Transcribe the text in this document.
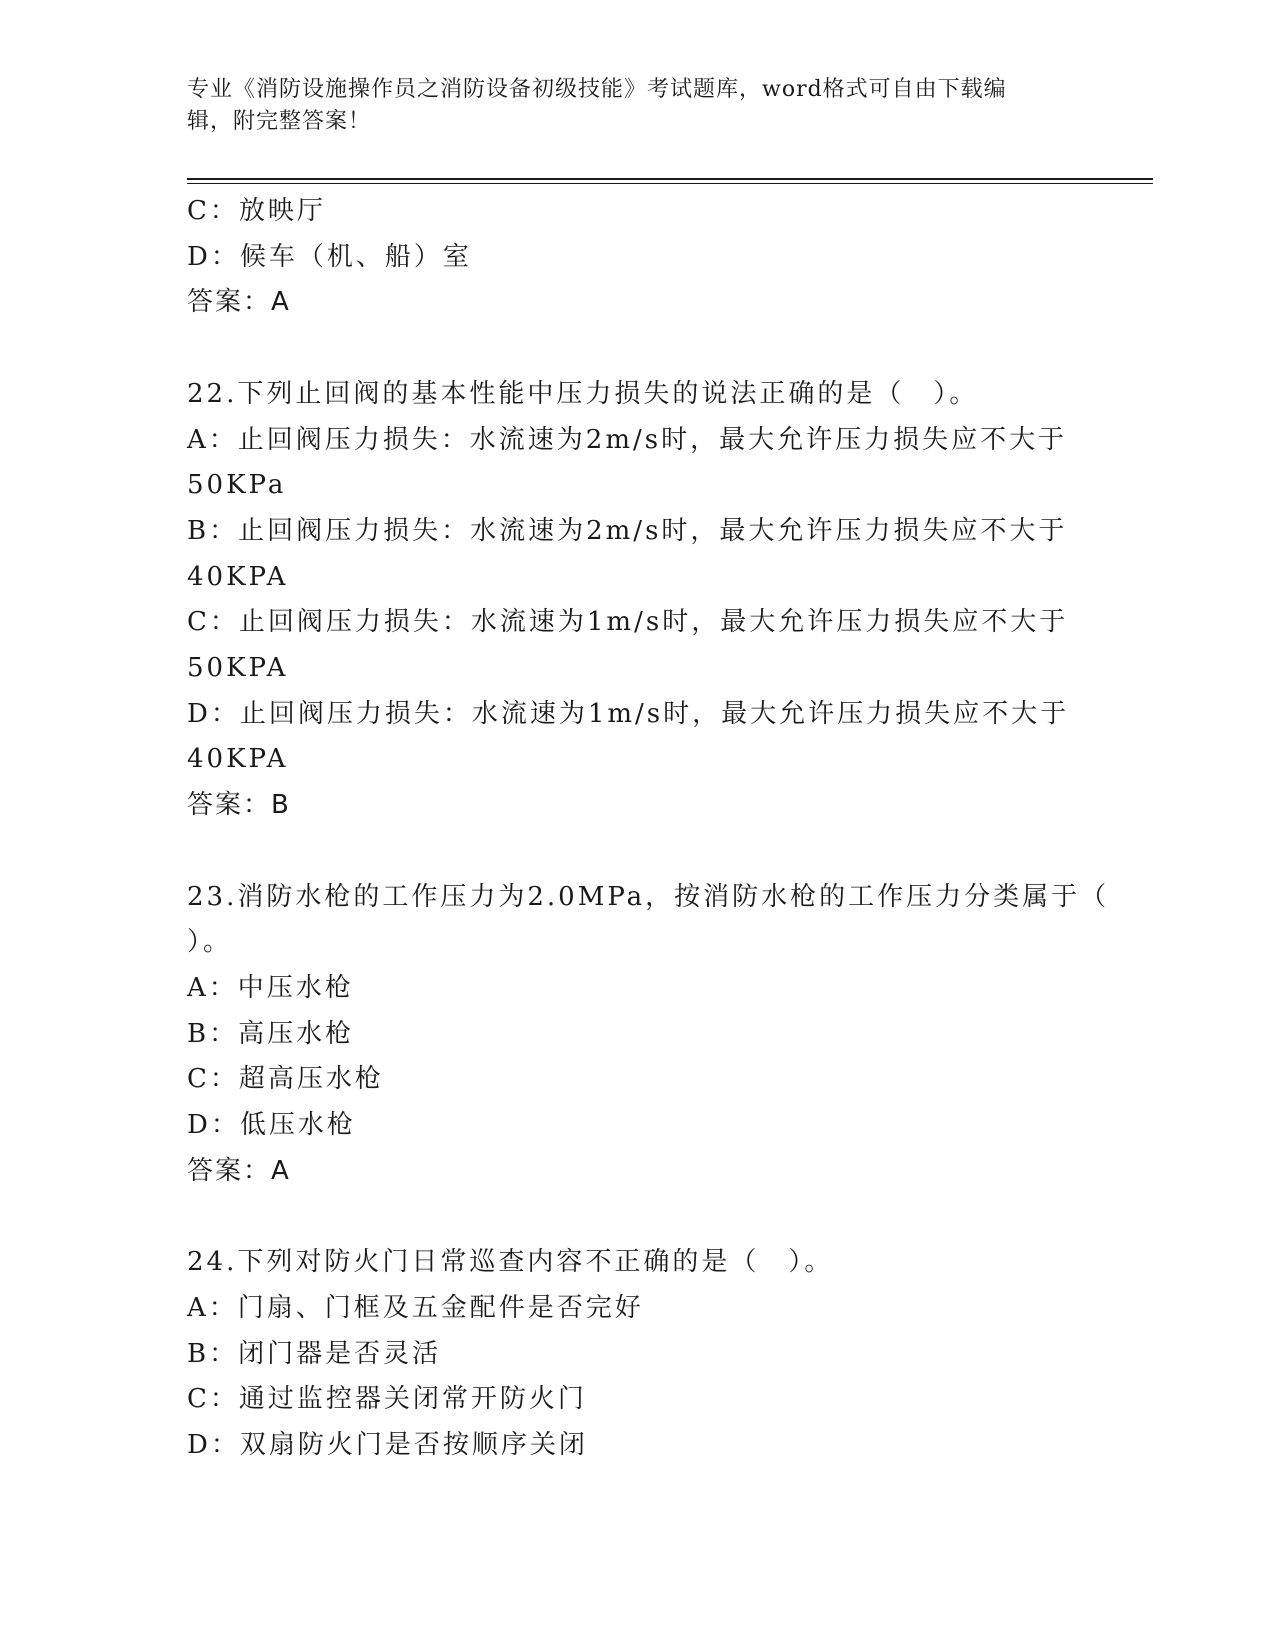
专业《消防设施操作员之消防设备初级技能》考试题库，word格式可自由下载编
辑，附完整答案！
C：放映厅
D：候车（机、船）室
答案：A
22.下列止回阀的基本性能中压力损失的说法正确的是（　）。
A：止回阀压力损失：水流速为2m/s时，最大允许压力损失应不大于
50KPa
B：止回阀压力损失：水流速为2m/s时，最大允许压力损失应不大于
40KPA
C：止回阀压力损失：水流速为1m/s时，最大允许压力损失应不大于
50KPA
D：止回阀压力损失：水流速为1m/s时，最大允许压力损失应不大于
40KPA
答案：B
23.消防水枪的工作压力为2.0MPa，按消防水枪的工作压力分类属于（
）。
A：中压水枪
B：高压水枪
C：超高压水枪
D：低压水枪
答案：A
24.下列对防火门日常巡查内容不正确的是（　）。
A：门扇、门框及五金配件是否完好
B：闭门器是否灵活
C：通过监控器关闭常开防火门
D：双扇防火门是否按顺序关闭
